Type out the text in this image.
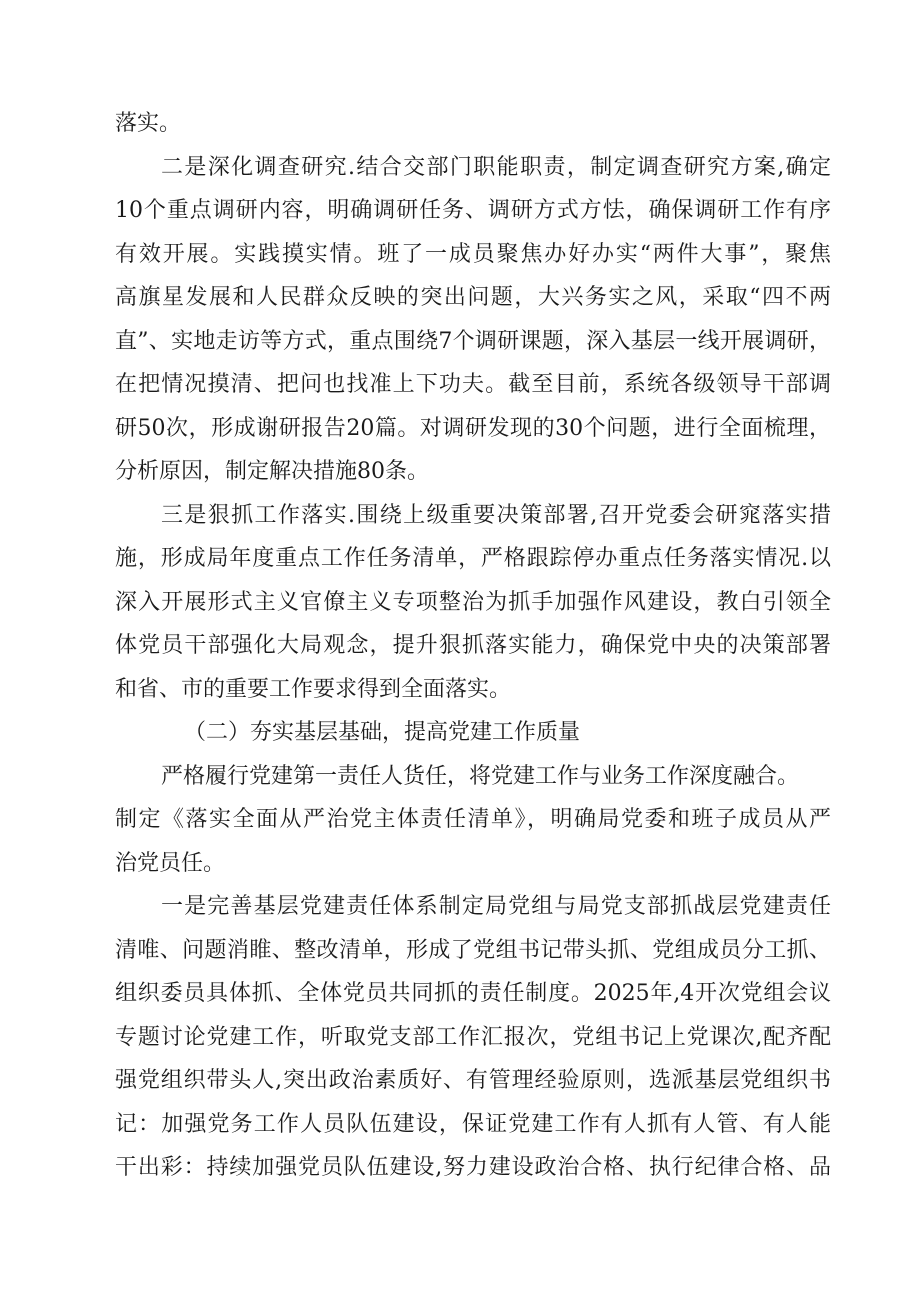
落实。
二是深化调查研究.结合交部门职能职责，制定调查研究方案,确定
10个重点调研内容，明确调研任务、调研方式方怯，确保调研工作有序
有效开展。实践摸实情。班了一成员聚焦办好办实“两件大事”，聚焦
高旗星发展和人民群众反映的突出问题，大兴务实之风，采取“四不两
直”、实地走访等方式，重点围绕7个调研课题，深入基层一线开展调研，
在把情况摸清、把问也找准上下功夫。截至目前，系统各级领导干部调
研50次，形成谢研报告20篇。对调研发现的30个问题，进行全面梳理，
分析原因，制定解决措施80条。
三是狠抓工作落实.围绕上级重要决策部署,召开党委会研窕落实措
施，形成局年度重点工作任务清单，严格跟踪停办重点任务落实情况.以
深入开展形式主义官僚主义专项整治为抓手加强作风建设，教白引领全
体党员干部强化大局观念，提升狠抓落实能力，确保党中央的决策部署
和省、市的重要工作要求得到全面落实。
（二）夯实基层基础，提高党建工作质量
严格履行党建第一责任人货任，将党建工作与业务工作深度融合。
制定《落实全面从严治党主体责任清单》，明确局党委和班子成员从严
治党员任。
一是完善基层党建责任体系制定局党组与局党支部抓战层党建责任
清唯、问题消睢、整改清单，形成了党组书记带头抓、党组成员分工抓、
组织委员具体抓、全体党员共同抓的责任制度。2025年,4开次党组会议
专题讨论党建工作，听取党支部工作汇报次，党组书记上党课次,配齐配
强党组织带头人,突出政治素质好、有管理经验原则，选派基层党组织书
记：加强党务工作人员队伍建设，保证党建工作有人抓有人管、有人能
干出彩：持续加强党员队伍建设,努力建设政治合格、执行纪律合格、品
